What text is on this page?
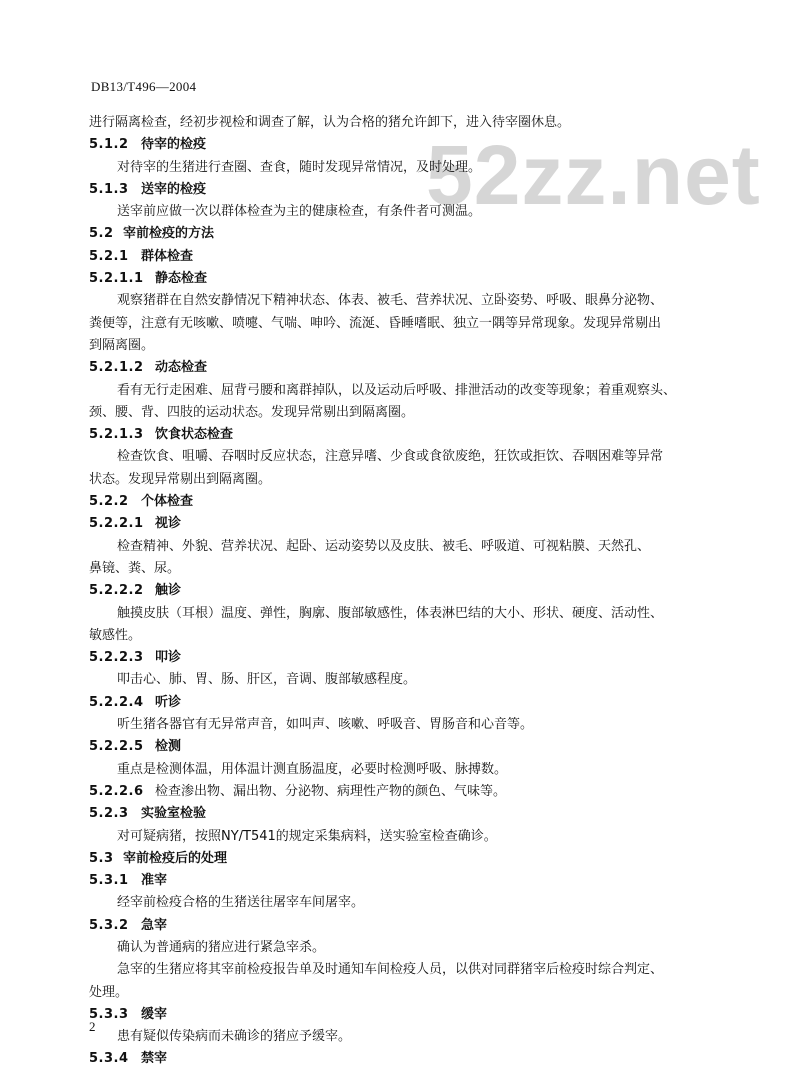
DB13/T496—2004
52zz.net
进行隔离检查，经初步视检和调查了解，认为合格的猪允许卸下，进入待宰圈休息。
5.1.2 待宰的检疫
对待宰的生猪进行查圈、查食，随时发现异常情况，及时处理。
5.1.3 送宰的检疫
送宰前应做一次以群体检查为主的健康检查，有条件者可测温。
5.2 宰前检疫的方法
5.2.1 群体检查
5.2.1.1 静态检查
观察猪群在自然安静情况下精神状态、体表、被毛、营养状况、立卧姿势、呼吸、眼鼻分泌物、
粪便等，注意有无咳嗽、喷嚏、气喘、呻吟、流涎、昏睡嗜眠、独立一隅等异常现象。发现异常剔出
到隔离圈。
5.2.1.2 动态检查
看有无行走困难、屈背弓腰和离群掉队，以及运动后呼吸、排泄活动的改变等现象；着重观察头、
颈、腰、背、四肢的运动状态。发现异常剔出到隔离圈。
5.2.1.3 饮食状态检查
检查饮食、咀嚼、吞咽时反应状态，注意异嗜、少食或食欲废绝，狂饮或拒饮、吞咽困难等异常
状态。发现异常剔出到隔离圈。
5.2.2 个体检查
5.2.2.1 视诊
检查精神、外貌、营养状况、起卧、运动姿势以及皮肤、被毛、呼吸道、可视粘膜、天然孔、
鼻镜、粪、尿。
5.2.2.2 触诊
触摸皮肤（耳根）温度、弹性，胸廓、腹部敏感性，体表淋巴结的大小、形状、硬度、活动性、
敏感性。
5.2.2.3 叩诊
叩击心、肺、胃、肠、肝区，音调、腹部敏感程度。
5.2.2.4 听诊
听生猪各器官有无异常声音，如叫声、咳嗽、呼吸音、胃肠音和心音等。
5.2.2.5 检测
重点是检测体温，用体温计测直肠温度，必要时检测呼吸、脉搏数。
5.2.2.6 检查渗出物、漏出物、分泌物、病理性产物的颜色、气味等。
5.2.3 实验室检验
对可疑病猪，按照NY/T541的规定采集病料，送实验室检查确诊。
5.3 宰前检疫后的处理
5.3.1 准宰
经宰前检疫合格的生猪送往屠宰车间屠宰。
5.3.2 急宰
确认为普通病的猪应进行紧急宰杀。
急宰的生猪应将其宰前检疫报告单及时通知车间检疫人员，以供对同群猪宰后检疫时综合判定、
处理。
5.3.3 缓宰
患有疑似传染病而未确诊的猪应予缓宰。
5.3.4 禁宰
2
